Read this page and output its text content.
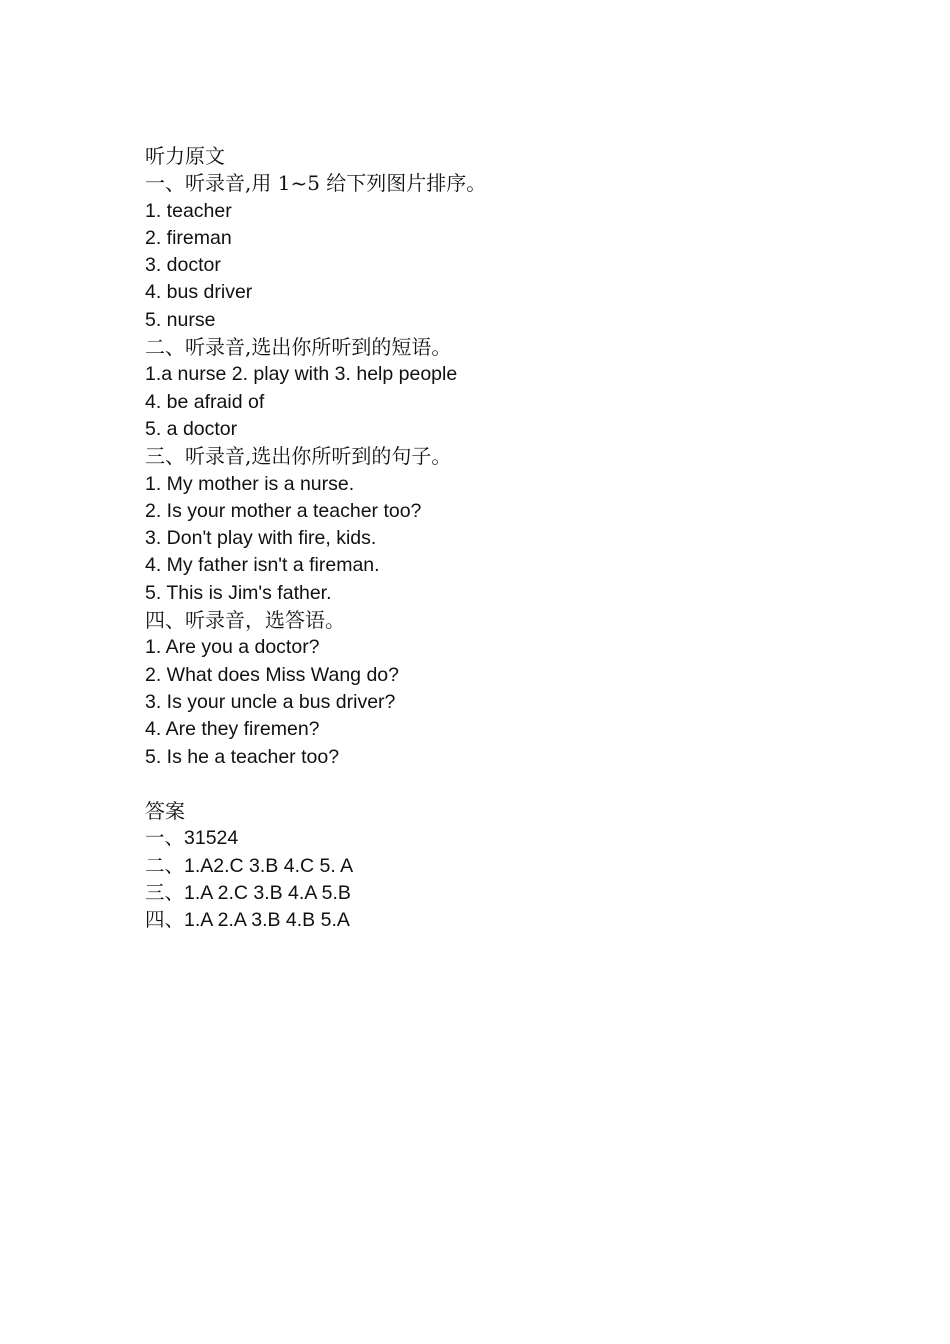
听力原文
一、听录音,用 1~5 给下列图片排序。
1. teacher
2. fireman
3. doctor
4. bus driver
5. nurse
二、听录音,选出你所听到的短语。
1.a nurse 2. play with 3. help people
4. be afraid of
5. a doctor
三、听录音,选出你所听到的句子。
1. My mother is a nurse.
2. Is your mother a teacher too?
3. Don't play with fire, kids.
4. My father isn't a fireman.
5. This is Jim's father.
四、听录音，选答语。
1. Are you a doctor?
2. What does Miss Wang do?
3. Is your uncle a bus driver?
4. Are they firemen?
5. Is he a teacher too?
答案
一、31524
二、1.A2.C 3.B 4.C 5. A
三、1.A 2.C 3.B 4.A 5.B
四、1.A 2.A 3.B 4.B 5.A
